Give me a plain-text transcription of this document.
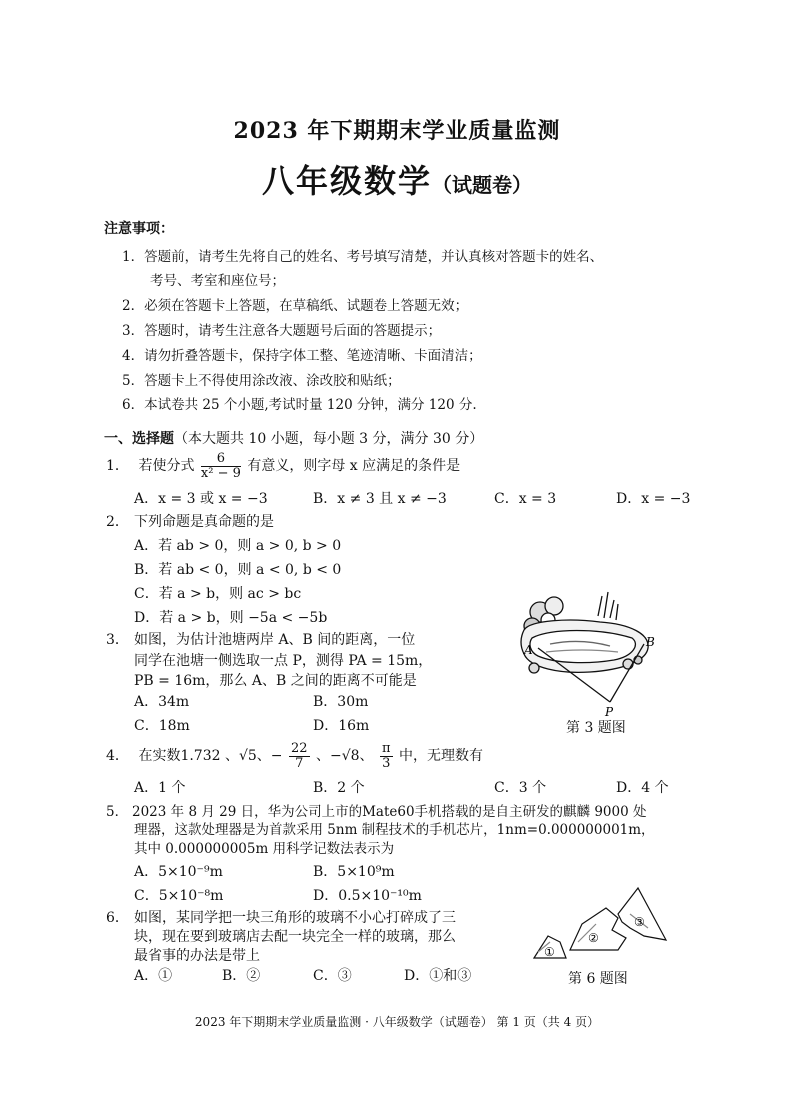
2023 年下期期末学业质量监测
八年级数学（试题卷）
注意事项：
1．答题前，请考生先将自己的姓名、考号填写清楚，并认真核对答题卡的姓名、
考号、考室和座位号；
2．必须在答题卡上答题，在草稿纸、试题卷上答题无效；
3．答题时，请考生注意各大题题号后面的答题提示；
4．请勿折叠答题卡，保持字体工整、笔迹清晰、卡面清洁；
5．答题卡上不得使用涂改液、涂改胶和贴纸；
6．本试卷共 25 个小题,考试时量 120 分钟，满分 120 分.
一、选择题（本大题共 10 小题，每小题 3 分，满分 30 分）
1． 若使分式 $\frac{6}{\text{x² − 9}}$ 有意义，则字母 x 应满足的条件是
A．x = 3 或 x = −3	B．x ≠ 3 且 x ≠ −3	C．x = 3	D．x = −3
2． 下列命题是真命题的是
A．若 ab > 0，则 a > 0, b > 0
B．若 ab < 0，则 a < 0, b < 0
C．若 a > b，则 ac > bc
D．若 a > b，则 −5a < −5b
3． 如图，为估计池塘两岸 A、B 间的距离，一位
同学在池塘一侧选取一点 P，测得 PA = 15m，
PB = 16m，那么 A、B 之间的距离不可能是
A．34m	B．30m
C．18m	D．16m
A
B
P
第 3 题图
4． 在实数1.732 、√5、− $\frac{22}{7}$ 、−√8、 $\frac{\pi}{3}$ 中，无理数有
A．1 个	B．2 个	C．3 个	D．4 个
5． 2023 年 8 月 29 日，华为公司上市的Mate60手机搭载的是自主研发的麒麟 9000 处
理器，这款处理器是为首款采用 5nm 制程技术的手机芯片，1nm=0.000000001m，
其中 0.000000005m 用科学记数法表示为
A．5×10⁻⁹m	B．5×10⁹m
C．5×10⁻⁸m	D．0.5×10⁻¹⁰m
6． 如图，某同学把一块三角形的玻璃不小心打碎成了三
块，现在要到玻璃店去配一块完全一样的玻璃，那么
最省事的办法是带上
A．①	B．②	C．③	D．①和③
①
②
③
第 6 题图
2023 年下期期末学业质量监测 · 八年级数学（试题卷） 第 1 页（共 4 页）
